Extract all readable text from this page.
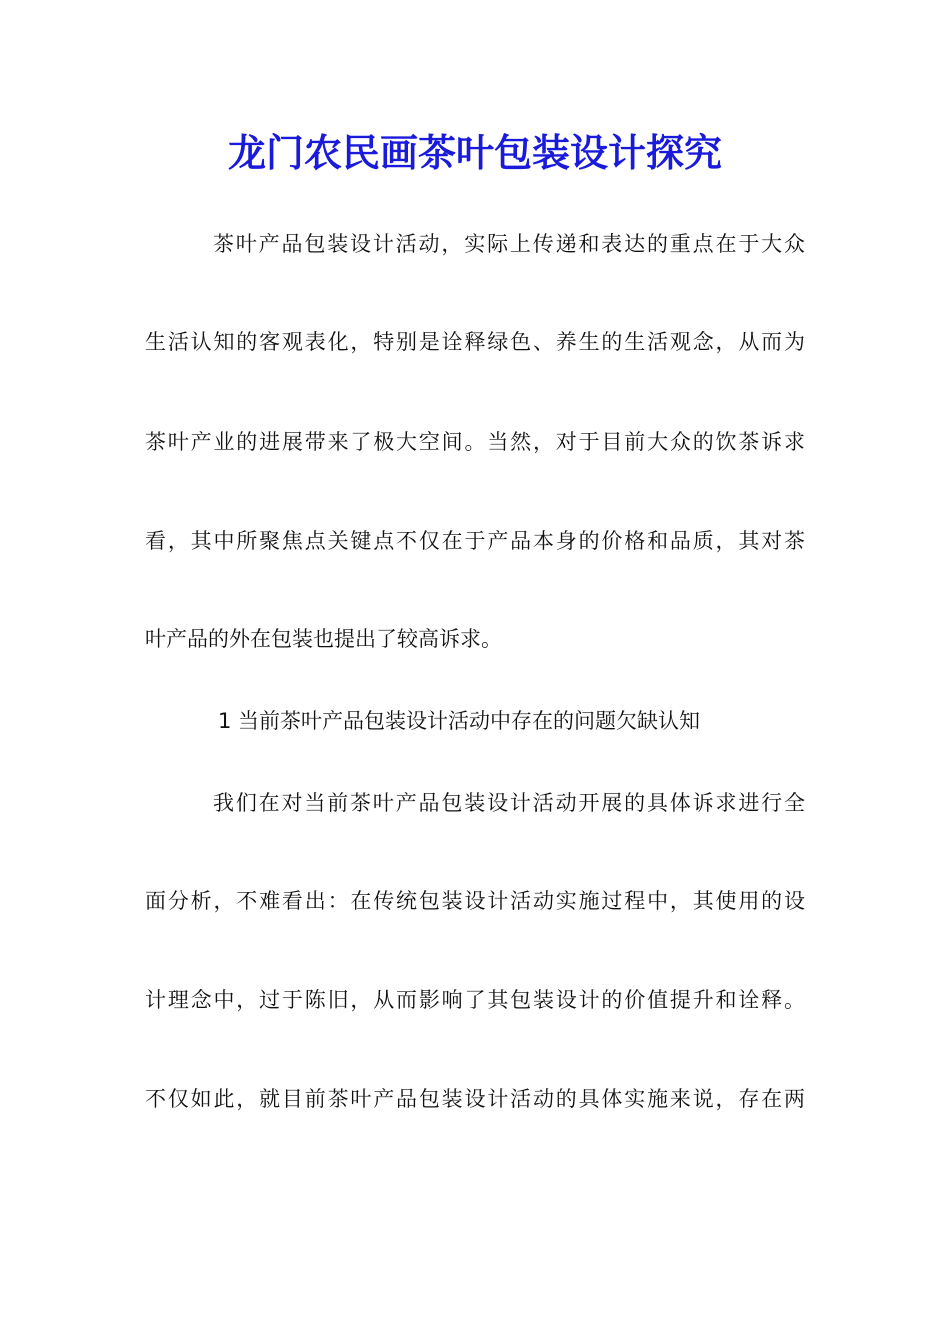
龙门农民画茶叶包装设计探究
茶叶产品包装设计活动，实际上传递和表达的重点在于大众
生活认知的客观表化，特别是诠释绿色、养生的生活观念，从而为
茶叶产业的进展带来了极大空间。当然，对于目前大众的饮茶诉求
看，其中所聚焦点关键点不仅在于产品本身的价格和品质，其对茶
叶产品的外在包装也提出了较高诉求。
1 当前茶叶产品包装设计活动中存在的问题欠缺认知
我们在对当前茶叶产品包装设计活动开展的具体诉求进行全
面分析，不难看出：在传统包装设计活动实施过程中，其使用的设
计理念中，过于陈旧，从而影响了其包装设计的价值提升和诠释。
不仅如此，就目前茶叶产品包装设计活动的具体实施来说，存在两
